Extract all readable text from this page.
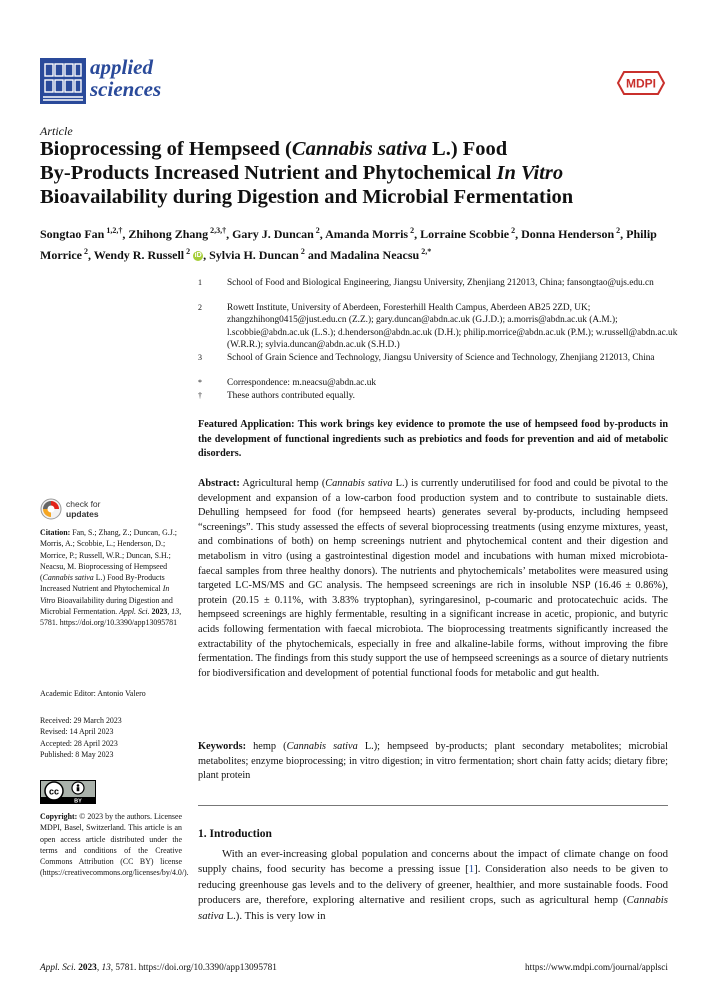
applied
sciences	MDPI
Article
Bioprocessing of Hempseed (Cannabis sativa L.) Food
By-Products Increased Nutrient and Phytochemical In Vitro
Bioavailability during Digestion and Microbial Fermentation
Songtao Fan $^{1,2,\dagger}$, Zhihong Zhang $^{2,3,\dagger}$, Gary J. Duncan $^2$, Amanda Morris $^2$, Lorraine Scobbie $^2$, Donna Henderson $^2$, Philip Morrice $^2$, Wendy R. Russell $^2$ iD , Sylvia H. Duncan $^2$ and Madalina Neacsu $^{2,*}$
1	School of Food and Biological Engineering, Jiangsu University, Zhenjiang 212013, China; fansongtao@ujs.edu.cn
2	Rowett Institute, University of Aberdeen, Foresterhill Health Campus, Aberdeen AB25 2ZD, UK; zhangzhihong0415@just.edu.cn (Z.Z.); gary.duncan@abdn.ac.uk (G.J.D.); a.morris@abdn.ac.uk (A.M.); l.scobbie@abdn.ac.uk (L.S.); d.henderson@abdn.ac.uk (D.H.); philip.morrice@abdn.ac.uk (P.M.); w.russell@abdn.ac.uk (W.R.R.); sylvia.duncan@abdn.ac.uk (S.H.D.)
3	School of Grain Science and Technology, Jiangsu University of Science and Technology, Zhenjiang 212013, China
*	Correspondence: m.neacsu@abdn.ac.uk
†	These authors contributed equally.
Featured Application: This work brings key evidence to promote the use of hempseed food by-products in the development of functional ingredients such as prebiotics and foods for prevention and aid of metabolic disorders.
Abstract: Agricultural hemp (Cannabis sativa L.) is currently underutilised for food and could be pivotal to the development and expansion of a low-carbon food production system and to contribute to sustainable diets. Dehulling hempseed for food (for hempseed hearts) generates several by-products, including hempseed “screenings”. This study assessed the effects of several bioprocessing treatments (using enzyme mixtures, yeast, and combinations of both) on hemp screenings nutrient and phytochemical content and their digestion and metabolism in vitro (using a gastrointestinal digestion model and incubations with human mixed microbiota-faecal samples from three healthy donors). The nutrients and phytochemicals’ metabolites were measured using targeted LC-MS/MS and GC analysis. The hempseed screenings are rich in insoluble NSP (16.46 ± 0.86%), protein (20.15 ± 0.11%, with 3.83% tryptophan), syringaresinol, p-coumaric and protocatechuic acids. The hempseed screenings are highly fermentable, resulting in a significant increase in acetic, propionic, and butyric acids following fermentation with faecal microbiota. The bioprocessing treatments significantly increased the extractability of the phytochemicals, especially in free and alkaline-labile forms, without improving the fibre fermentation. The findings from this study support the use of hempseed screenings as a source of dietary nutrients for biodiversification and development of potential functional foods for metabolic and gut health.
Keywords: hemp (Cannabis sativa L.); hempseed by-products; plant secondary metabolites; microbial metabolites; enzyme bioprocessing; in vitro digestion; in vitro fermentation; short chain fatty acids; dietary fibre; plant protein
1. Introduction

With an ever-increasing global population and concerns about the impact of climate change on food supply chains, food security has become a pressing issue [1]. Consideration also needs to be given to reducing greenhouse gas levels and to the delivery of greener, healthier, and more sustainable foods. Food producers are, therefore, exploring alternative and resilient crops, such as agricultural hemp (Cannabis sativa L.). This is very low in

check for
updates
Citation: Fan, S.; Zhang, Z.; Duncan, G.J.; Morris, A.; Scobbie, L.; Henderson, D.; Morrice, P.; Russell, W.R.; Duncan, S.H.; Neacsu, M. Bioprocessing of Hempseed (Cannabis sativa L.) Food By-Products Increased Nutrient and Phytochemical In Vitro Bioavailability during Digestion and Microbial Fermentation. Appl. Sci. 2023, 13, 5781. https://doi.org/10.3390/app13095781
Academic Editor: Antonio Valero
Received: 29 March 2023
Revised: 14 April 2023
Accepted: 28 April 2023
Published: 8 May 2023
cc
BY
Copyright: © 2023 by the authors. Licensee MDPI, Basel, Switzerland. This article is an open access article distributed under the terms and conditions of the Creative Commons Attribution (CC BY) license (https://creativecommons.org/licenses/by/4.0/).
Appl. Sci. 2023, 13, 5781. https://doi.org/10.3390/app13095781	https://www.mdpi.com/journal/applsci
